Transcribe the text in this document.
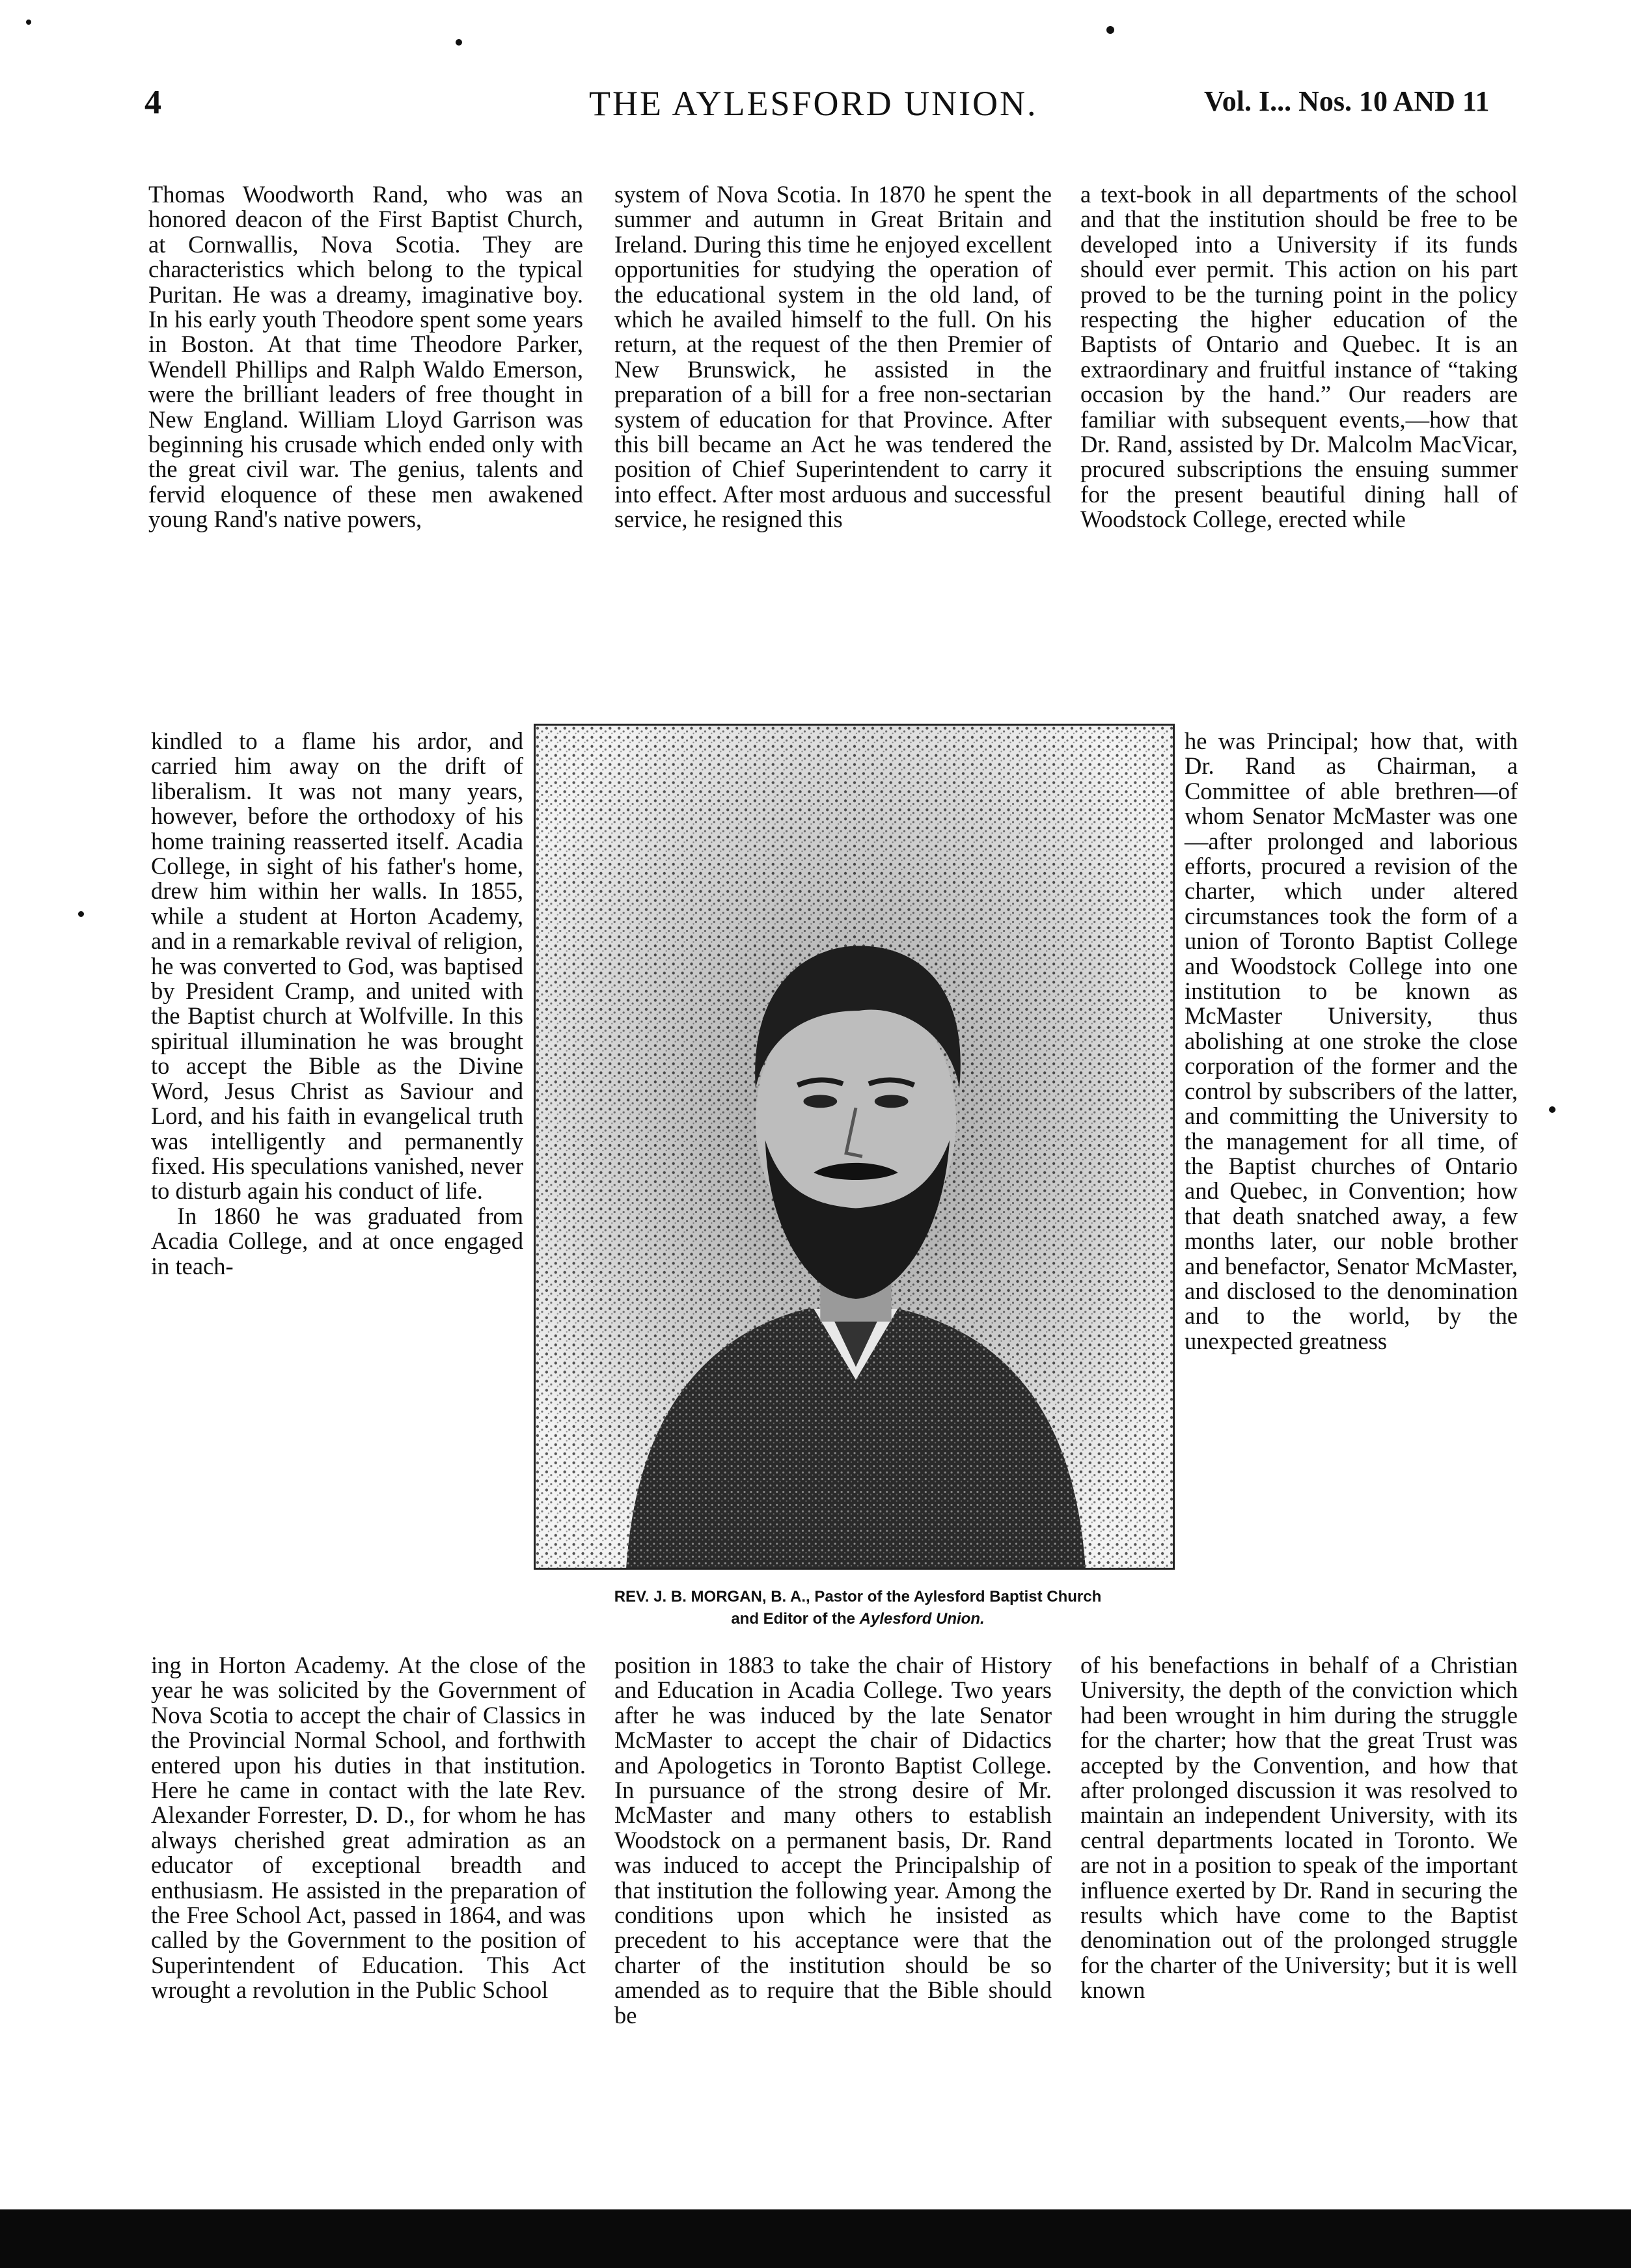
4	THE AYLESFORD UNION.	Vol. I... Nos. 10 AND 11

Thomas Woodworth Rand, who was an honored deacon of the First Baptist Church, at Cornwallis, Nova Scotia. They are characteristics which belong to the typical Puritan. He was a dreamy, imaginative boy. In his early youth Theodore spent some years in Boston. At that time Theodore Parker, Wendell Phillips and Ralph Waldo Emerson, were the brilliant leaders of free thought in New England. William Lloyd Garrison was beginning his crusade which ended only with the great civil war. The genius, talents and fervid eloquence of these men awakened young Rand's native powers,

kindled to a flame his ardor, and carried him away on the drift of liberalism. It was not many years, however, before the orthodoxy of his home training reasserted itself. Acadia College, in sight of his father's home, drew him within her walls. In 1855, while a student at Horton Academy, and in a remarkable revival of religion, he was converted to God, was baptised by President Cramp, and united with the Baptist church at Wolfville. In this spiritual illumination he was brought to accept the Bible as the Divine Word, Jesus Christ as Saviour and Lord, and his faith in evangelical truth was intelligently and permanently fixed. His speculations vanished, never to disturb again his conduct of life.

In 1860 he was graduated from Acadia College, and at once engaged in teach-

ing in Horton Academy. At the close of the year he was solicited by the Government of Nova Scotia to accept the chair of Classics in the Provincial Normal School, and forthwith entered upon his duties in that institution. Here he came in contact with the late Rev. Alexander Forrester, D. D., for whom he has always cherished great admiration as an educator of exceptional breadth and enthusiasm. He assisted in the preparation of the Free School Act, passed in 1864, and was called by the Government to the position of Superintendent of Education. This Act wrought a revolution in the Public School

system of Nova Scotia. In 1870 he spent the summer and autumn in Great Britain and Ireland. During this time he enjoyed excellent opportunities for studying the operation of the educational system in the old land, of which he availed himself to the full. On his return, at the request of the then Premier of New Brunswick, he assisted in the preparation of a bill for a free non-sectarian system of education for that Province. After this bill became an Act he was tendered the position of Chief Superintendent to carry it into effect. After most arduous and successful service, he resigned this

position in 1883 to take the chair of History and Education in Acadia College. Two years after he was induced by the late Senator McMaster to accept the chair of Didactics and Apologetics in Toronto Baptist College. In pursuance of the strong desire of Mr. McMaster and many others to establish Woodstock on a permanent basis, Dr. Rand was induced to accept the Principalship of that institution the following year. Among the conditions upon which he insisted as precedent to his acceptance were that the charter of the institution should be so amended as to require that the Bible should be

a text-book in all departments of the school and that the institution should be free to be developed into a University if its funds should ever permit. This action on his part proved to be the turning point in the policy respecting the higher education of the Baptists of Ontario and Quebec. It is an extraordinary and fruitful instance of “taking occasion by the hand.” Our readers are familiar with subsequent events,—how that Dr. Rand, assisted by Dr. Malcolm MacVicar, procured subscriptions the ensuing summer for the present beautiful dining hall of Woodstock College, erected while

he was Principal; how that, with Dr. Rand as Chairman, a Committee of able brethren—of whom Senator McMaster was one—after prolonged and laborious efforts, procured a revision of the charter, which under altered circumstances took the form of a union of Toronto Baptist College and Woodstock College into one institution to be known as McMaster University, thus abolishing at one stroke the close corporation of the former and the control by subscribers of the latter, and committing the University to the management for all time, of the Baptist churches of Ontario and Quebec, in Convention; how that death snatched away, a few months later, our noble brother and benefactor, Senator McMaster, and disclosed to the denomination and to the world, by the unexpected greatness

of his benefactions in behalf of a Christian University, the depth of the conviction which had been wrought in him during the struggle for the charter; how that the great Trust was accepted by the Convention, and how that after prolonged discussion it was resolved to maintain an independent University, with its central departments located in Toronto. We are not in a position to speak of the important influence exerted by Dr. Rand in securing the results which have come to the Baptist denomination out of the prolonged struggle for the charter of the University; but it is well known

REV. J. B. MORGAN, B. A., Pastor of the Aylesford Baptist Church
and Editor of the Aylesford Union.
